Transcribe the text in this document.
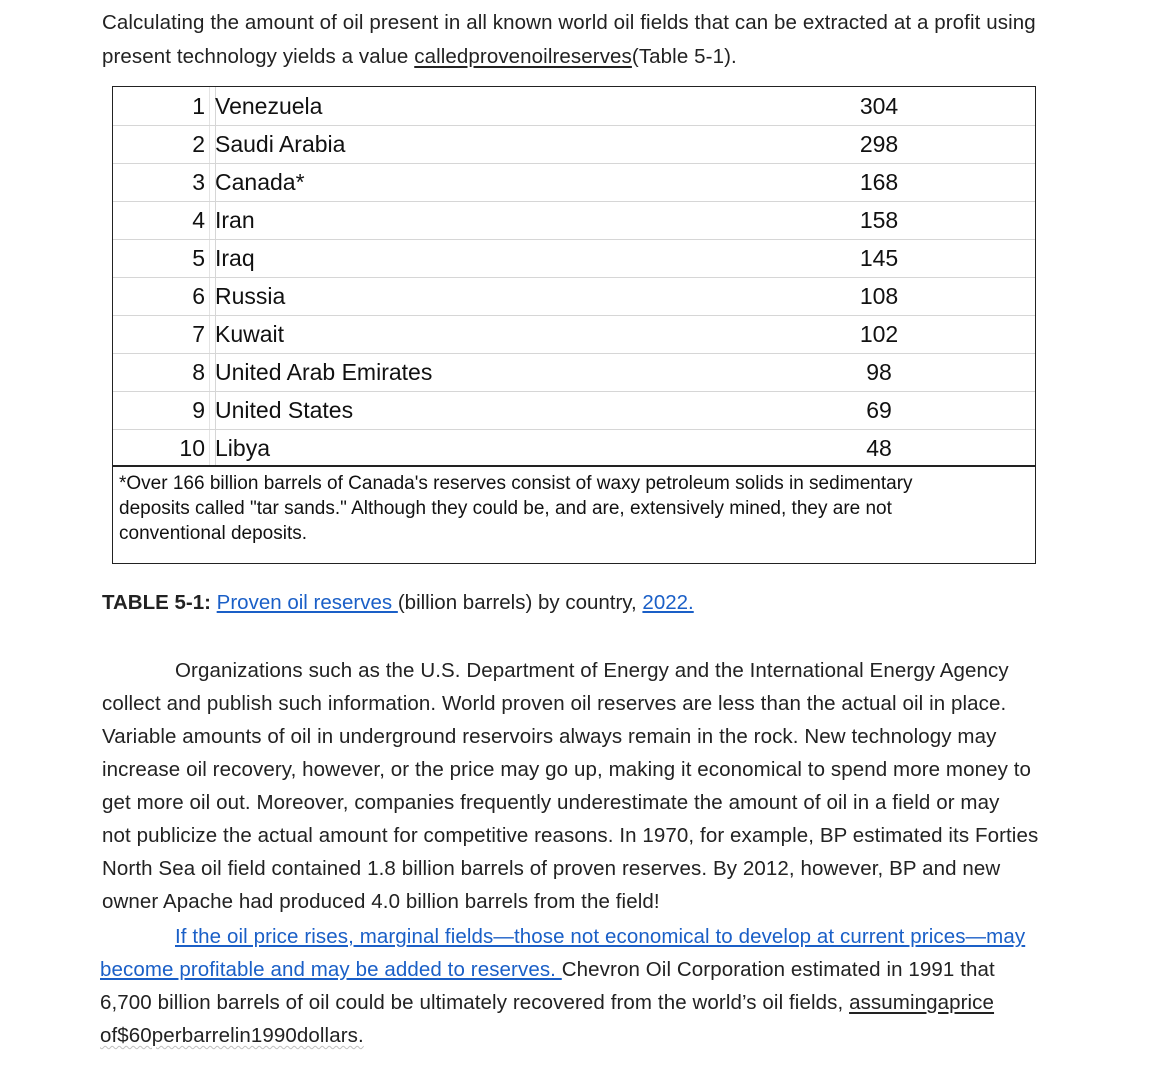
Calculating the amount of oil present in all known world oil fields that can be extracted at a profit using
present technology yields a value calledprovenoilreserves(Table 5-1).
1 Venezuela	304
2 Saudi Arabia	298
3 Canada*	168
4 Iran	158
5 Iraq	145
6 Russia	108
7 Kuwait	102
8 United Arab Emirates	98
9 United States	69
10 Libya	48
*Over 166 billion barrels of Canada's reserves consist of waxy petroleum solids in sedimentary
deposits called "tar sands." Although they could be, and are, extensively mined, they are not
conventional deposits.
TABLE 5-1: Proven oil reserves (billion barrels) by country, 2022.
Organizations such as the U.S. Department of Energy and the International Energy Agency
collect and publish such information. World proven oil reserves are less than the actual oil in place.
Variable amounts of oil in underground reservoirs always remain in the rock. New technology may
increase oil recovery, however, or the price may go up, making it economical to spend more money to
get more oil out. Moreover, companies frequently underestimate the amount of oil in a field or may
not publicize the actual amount for competitive reasons. In 1970, for example, BP estimated its Forties
North Sea oil field contained 1.8 billion barrels of proven reserves. By 2012, however, BP and new
owner Apache had produced 4.0 billion barrels from the field!
If the oil price rises, marginal fields—those not economical to develop at current prices—may
become profitable and may be added to reserves. Chevron Oil Corporation estimated in 1991 that
6,700 billion barrels of oil could be ultimately recovered from the world’s oil fields, assumingaprice
of$60perbarrelin1990dollars.
